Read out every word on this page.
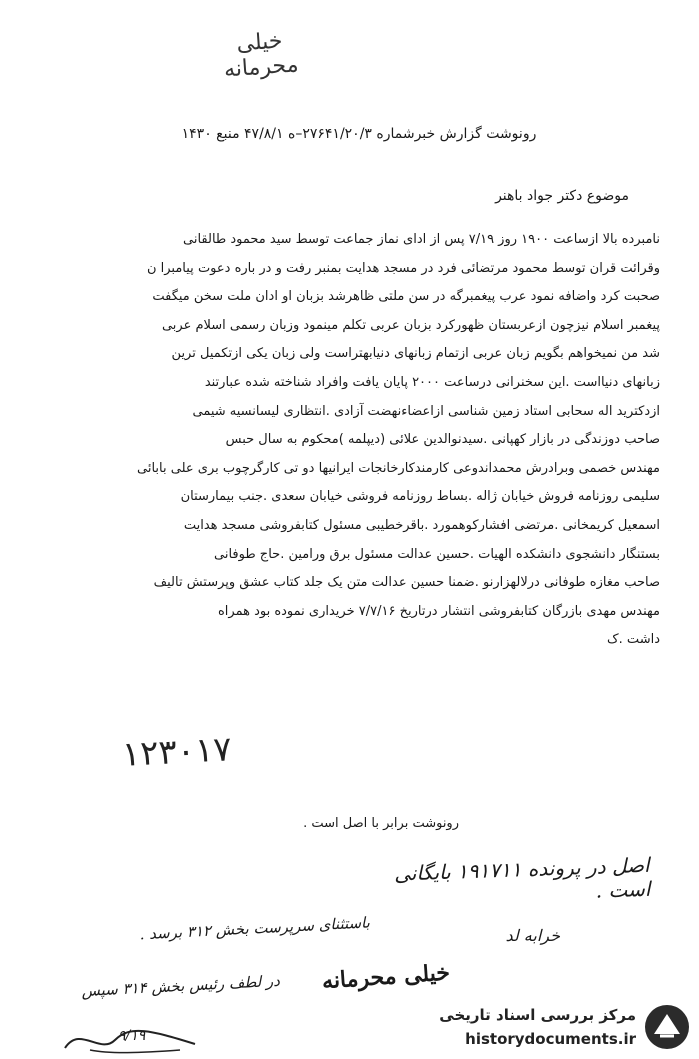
خیلی محرمانه
رونوشت گزارش خبرشماره ۲۷۶۴۱/۲۰/۳–ه ۴۷/۸/۱ منبع ۱۴۳۰
موضوع دکتر جواد باهنر
نامبرده بالا ازساعت ۱۹۰۰ روز ۷/۱۹ پس از ادای نماز جماعت توسط سید محمود طالقانی
وقرائت قران توسط محمود مرتضائی فرد در مسجد هدایت بمنبر رفت و در باره دعوت پیامبرا ن
صحبت کرد واضافه نمود عرب پیغمبرگه در سن ملتی ظاهرشد بزبان او ادان ملت سخن میگفت
پیغمبر اسلام نیزچون ازعربستان ظهورکرد بزبان عربی تکلم مینمود وزبان رسمی اسلام عربی
شد من نمیخواهم بگویم زبان عربی ازتمام زبانهای دنیابهتراست ولی زبان یکی ازتکمیل ترین
زبانهای دنیااست .این سخنرانی درساعت ۲۰۰۰ پایان یافت وافراد شناخته شده عبارتند
ازدکترید اله سحابی استاد زمین شناسی ازاعضاءنهضت آزادی .انتظاری لیسانسیه شیمی
صاحب دوزندگی در بازار کهپانی .سیدنوالدین علائی (دیپلمه )محکوم به سال حبس
مهندس خصمی وبرادرش محمداندوعی کارمندکارخانجات ایرانیها دو تی کارگرچوب بری علی بابائی
سلیمی روزنامه فروش خیابان ژاله .بساط روزنامه فروشی خیابان سعدی .جنب بیمارستان
اسمعیل کریمخانی .مرتضی افشارکوهمورد .باقرخطیبی مسئول کتابفروشی مسجد هدایت
بستنگار دانشجوی دانشکده الهیات .حسین عدالت مسئول برق ورامین .حاج طوفانی
صاحب مغازه طوفانی درلالهزارنو .ضمنا حسین عدالت متن یک جلد کتاب عشق وپرستش تالیف
مهندس مهدی بازرگان کتابفروشی انتشار درتاریخ ۷/۷/۱۶ خریداری نموده بود همراه
داشت .ک
۱۲۳۰۱۷
رونوشت برابر با اصل است .
اصل در پرونده ۱۹۱۷۱۱ بایگانی است .
خرابه لد
باستثنای سرپرست بخش ۳۱۲ برسد .
در لطف رئیس بخش ۳۱۴ سپس	خیلی محرمانه
۹/۱۹
مرکز بررسی اسناد تاریخی
historydocuments.ir
